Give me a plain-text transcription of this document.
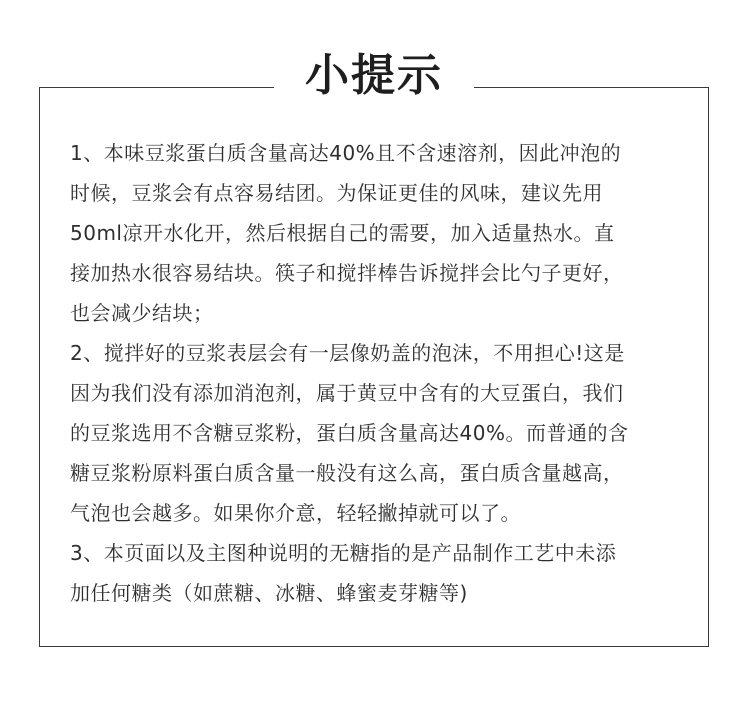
小提示

1、本味豆浆蛋白质含量高达40%且不含速溶剂，因此冲泡的
时候，豆浆会有点容易结团。为保证更佳的风味，建议先用
50ml凉开水化开，然后根据自己的需要，加入适量热水。直
接加热水很容易结块。筷子和搅拌棒告诉搅拌会比勺子更好，
也会减少结块；

2、搅拌好的豆浆表层会有一层像奶盖的泡沫，不用担心!这是
因为我们没有添加消泡剂，属于黄豆中含有的大豆蛋白，我们
的豆浆选用不含糖豆浆粉，蛋白质含量高达40%。而普通的含
糖豆浆粉原料蛋白质含量一般没有这么高，蛋白质含量越高，
气泡也会越多。如果你介意，轻轻撇掉就可以了。

3、本页面以及主图种说明的无糖指的是产品制作工艺中未添
加任何糖类（如蔗糖、冰糖、蜂蜜麦芽糖等)
